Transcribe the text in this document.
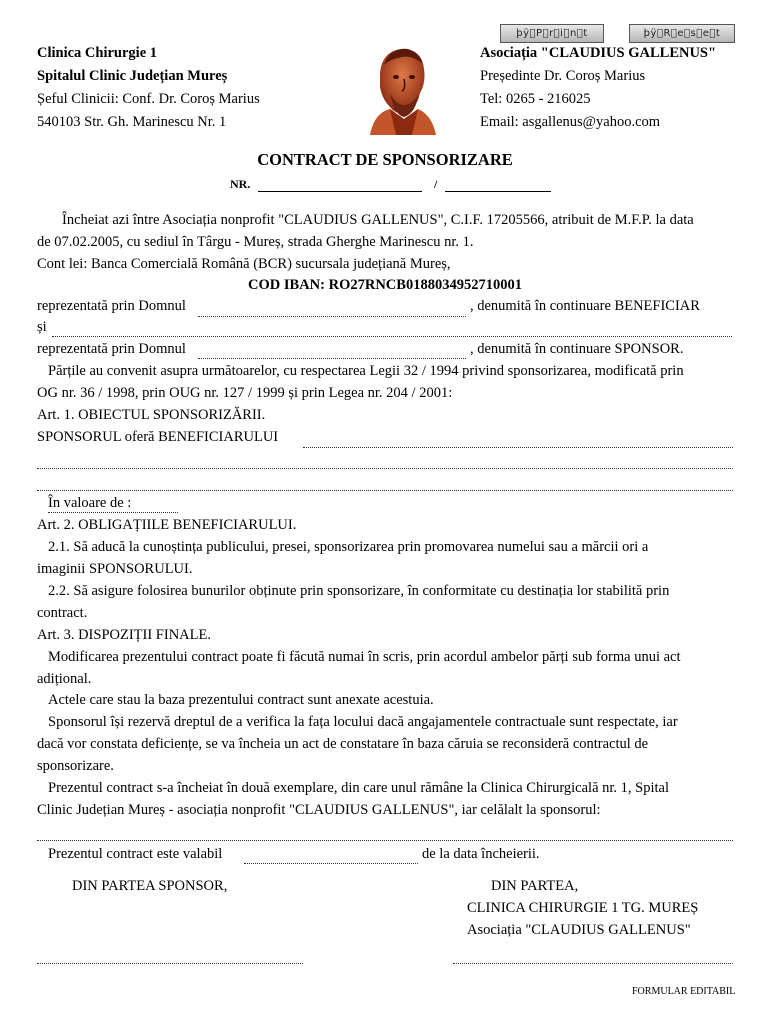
þÿ P r i n t	þÿ R e s e t
Clinica Chirurgie 1
Spitalul Clinic Județian Mureș
Șeful Clinicii: Conf. Dr. Coroș Marius
540103 Str. Gh. Marinescu Nr. 1
Asociația "CLAUDIUS GALLENUS"
Președinte Dr. Coroș Marius
Tel: 0265 - 216025
Email: asgallenus@yahoo.com
CONTRACT DE SPONSORIZARE
NR.	/
Încheiat azi între Asociația nonprofit "CLAUDIUS GALLENUS", C.I.F. 17205566, atribuit de M.F.P. la data
de 07.02.2005, cu sediul în Târgu - Mureș, strada Gherghe Marinescu nr. 1.
Cont lei: Banca Comercială Română (BCR) sucursala județiană Mureș,
COD IBAN: RO27RNCB0188034952710001
reprezentată prin Domnul	, denumită în continuare BENEFICIAR
și
reprezentată prin Domnul	, denumită în continuare SPONSOR.
Părțile au convenit asupra următoarelor, cu respectarea Legii 32 / 1994 privind sponsorizarea, modificată prin
OG nr. 36 / 1998, prin OUG nr. 127 / 1999 și prin Legea nr. 204 / 2001:
Art. 1. OBIECTUL SPONSORIZĂRII.
SPONSORUL oferă BENEFICIARULUI
În valoare de :
Art. 2. OBLIGAȚIILE BENEFICIARULUI.
2.1. Să aducă la cunoștința publicului, presei, sponsorizarea prin promovarea numelui sau a mărcii ori a
imaginii SPONSORULUI.
2.2. Să asigure folosirea bunurilor obținute prin sponsorizare, în conformitate cu destinația lor stabilită prin
contract.
Art. 3. DISPOZIȚII FINALE.
Modificarea prezentului contract poate fi făcută numai în scris, prin acordul ambelor părți sub forma unui act
adițional.
Actele care stau la baza prezentului contract sunt anexate acestuia.
Sponsorul își rezervă dreptul de a verifica la fața locului dacă angajamentele contractuale sunt respectate, iar
dacă vor constata deficiențe, se va încheia un act de constatare în baza căruia se reconsideră contractul de
sponsorizare.
Prezentul contract s-a încheiat în două exemplare, din care unul rămâne la Clinica Chirurgicală nr. 1, Spital
Clinic Județian Mureș - asociația nonprofit "CLAUDIUS GALLENUS", iar celălalt la sponsorul:
Prezentul contract este valabil	de la data încheierii.
DIN PARTEA SPONSOR,	DIN PARTEA,
CLINICA CHIRURGIE 1 TG. MUREȘ
Asociația "CLAUDIUS GALLENUS"
FORMULAR EDITABIL
